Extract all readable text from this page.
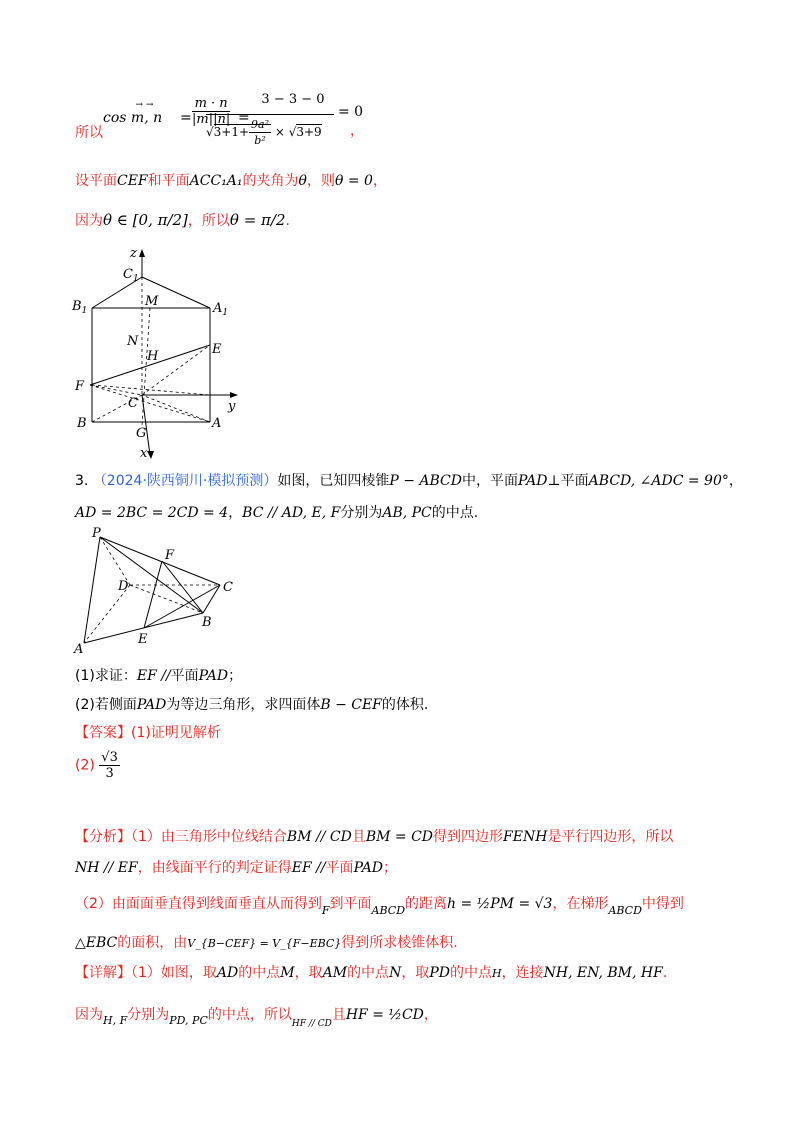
所以
cos
→ →
m, $n = \frac{m \cdot n}{|m||n|}$ =
3 − 3 − 0
$√3+1+ \frac{\text{9a²}}{\text{b²}} \times √3+9$
= 0
，
设平面CEF和平面ACC₁A₁的夹角为θ，则θ = 0，
因为θ ∈ [0, π/2]，所以θ = π/2.
z
$C_1$
$B_1$
M	$A_1$
N
H	E
F
C	y
B
G
A
x
3. （2024·陕西铜川·模拟预测）如图，已知四棱锥P − ABCD中，平面PAD⊥平面ABCD, ∠ADC = 90°，
AD = 2BC = 2CD = 4，BC // AD, E, F分别为AB, PC的中点.
P
F
D	C
B
E
A
(1)求证：EF //平面PAD；
(2)若侧面PAD为等边三角形，求四面体B − CEF的体积.
【答案】(1)证明见解析
$(2) \frac{√3}{3}$
【分析】（1）由三角形中位线结合BM // CD且BM = CD得到四边形FENH是平行四边形，所以
NH // EF，由线面平行的判定证得EF //平面PAD；
（2）由面面垂直得到线面垂直从而得到$_F$到平面$_{ABCD}$的距离h = ½PM = √3，在梯形$_{ABCD}$中得到
△EBC的面积，由V_{B−CEF} = V_{F−EBC}得到所求棱锥体积.
【详解】（1）如图，取AD的中点M，取AM的中点N，取PD的中点H，连接NH, EN, BM, HF.
因为$_{H, F}$分别为$_{PD, PC}$的中点，所以$_{HF // CD}$且HF = ½CD，
